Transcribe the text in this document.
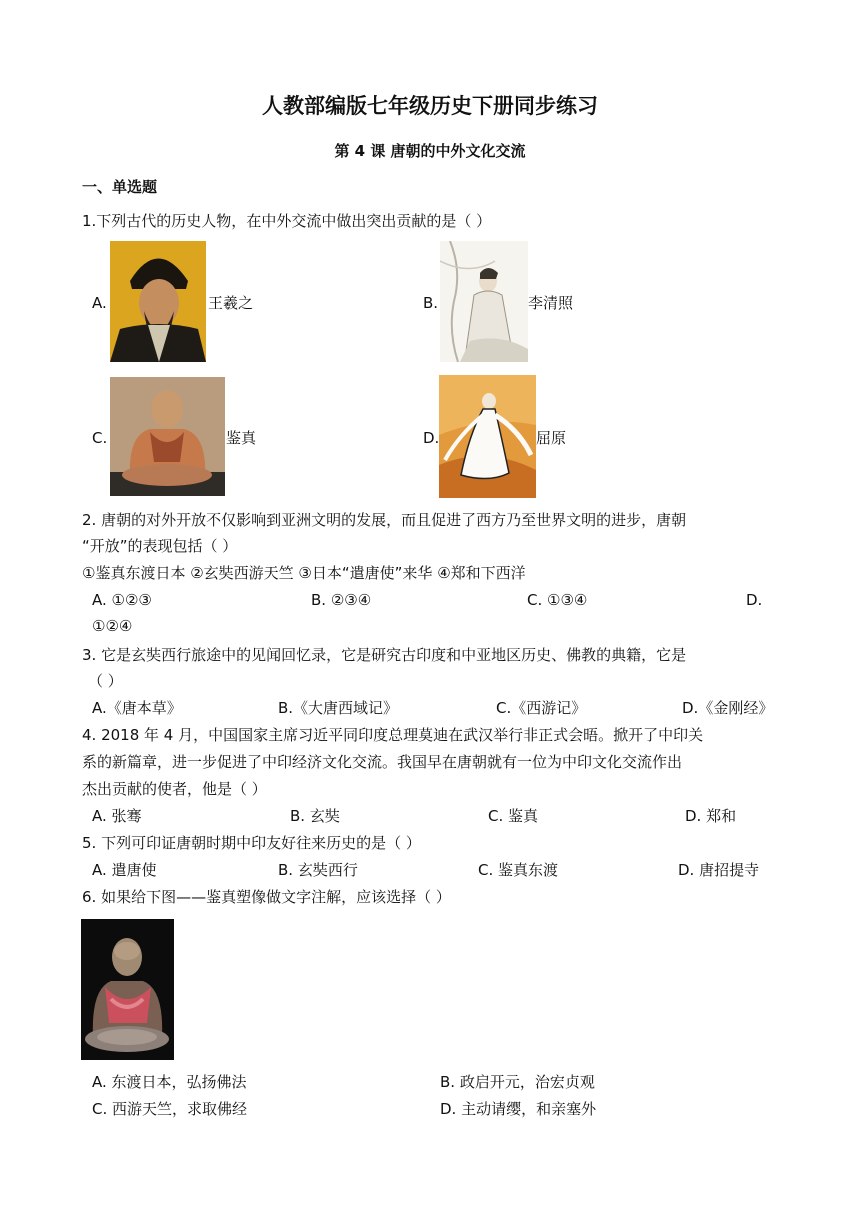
人教部编版七年级历史下册同步练习
第 4 课 唐朝的中外文化交流
一、单选题
1.下列古代的历史人物，在中外交流中做出突出贡献的是（ ）
A.	王羲之	B.	李清照
C.	鉴真	D.	屈原
2. 唐朝的对外开放不仅影响到亚洲文明的发展，而且促进了西方乃至世界文明的进步，唐朝
“开放”的表现包括（ ）
①鉴真东渡日本 ②玄奘西游天竺 ③日本“遣唐使”来华 ④郑和下西洋
A. ①②③	B. ②③④	C. ①③④	D.
①②④
3. 它是玄奘西行旅途中的见闻回忆录，它是研究古印度和中亚地区历史、佛教的典籍，它是
（ ）
A.《唐本草》	B.《大唐西域记》	C.《西游记》	D.《金刚经》
4. 2018 年 4 月，中国国家主席习近平同印度总理莫迪在武汉举行非正式会晤。掀开了中印关
系的新篇章，进一步促进了中印经济文化交流。我国早在唐朝就有一位为中印文化交流作出
杰出贡献的使者，他是（ ）
A. 张骞	B. 玄奘	C. 鉴真	D. 郑和
5. 下列可印证唐朝时期中印友好往来历史的是（ ）
A. 遣唐使	B. 玄奘西行	C. 鉴真东渡	D. 唐招提寺
6. 如果给下图——鉴真塑像做文字注解，应该选择（ ）
A. 东渡日本，弘扬佛法	B. 政启开元，治宏贞观
C. 西游天竺，求取佛经	D. 主动请缨，和亲塞外
